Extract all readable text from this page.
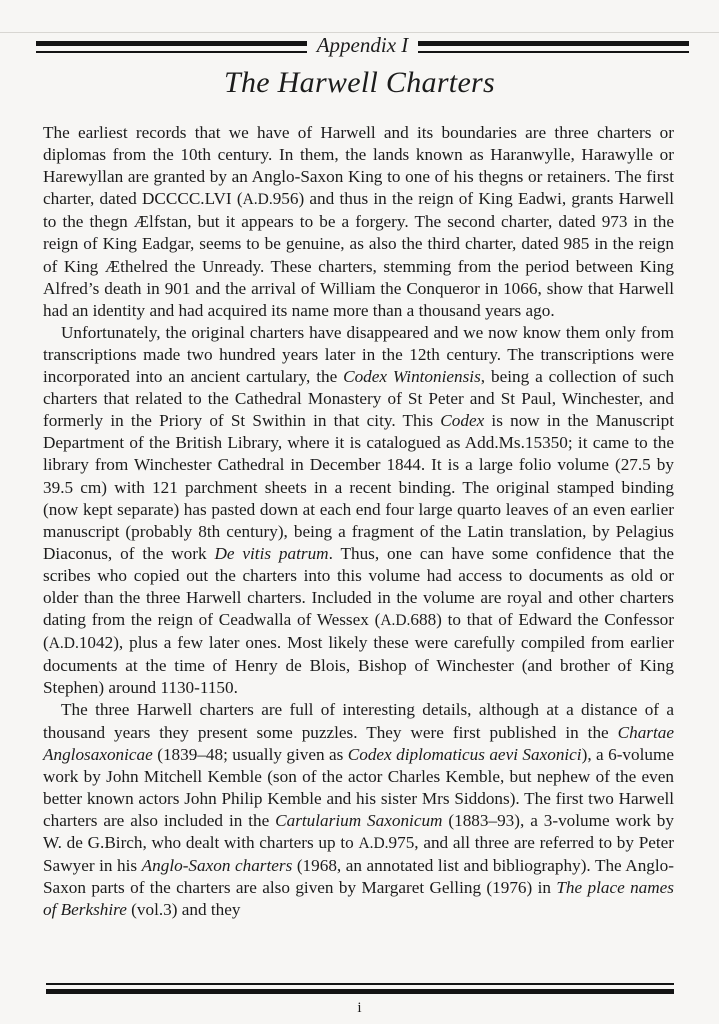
Appendix I
The Harwell Charters

The earliest records that we have of Harwell and its boundaries are three charters or diplomas from the 10th century. In them, the lands known as Haranwylle, Harawylle or Harewyllan are granted by an Anglo-Saxon King to one of his thegns or retainers. The first charter, dated DCCCC.LVI (A.D.956) and thus in the reign of King Eadwi, grants Harwell to the thegn Ælfstan, but it appears to be a forgery. The second charter, dated 973 in the reign of King Eadgar, seems to be genuine, as also the third charter, dated 985 in the reign of King Æthelred the Unready. These charters, stemming from the period between King Alfred’s death in 901 and the arrival of William the Conqueror in 1066, show that Harwell had an identity and had acquired its name more than a thousand years ago.

Unfortunately, the original charters have disappeared and we now know them only from transcriptions made two hundred years later in the 12th century. The transcriptions were incorporated into an ancient cartulary, the Codex Wintoniensis, being a collection of such charters that related to the Cathedral Monastery of St Peter and St Paul, Winchester, and formerly in the Priory of St Swithin in that city. This Codex is now in the Manuscript Department of the British Library, where it is catalogued as Add.Ms.15350; it came to the library from Winchester Cathedral in December 1844. It is a large folio volume (27.5 by 39.5 cm) with 121 parchment sheets in a recent binding. The original stamped binding (now kept separate) has pasted down at each end four large quarto leaves of an even earlier manuscript (probably 8th century), being a fragment of the Latin translation, by Pelagius Diaconus, of the work De vitis patrum. Thus, one can have some confidence that the scribes who copied out the charters into this volume had access to documents as old or older than the three Harwell charters. Included in the volume are royal and other charters dating from the reign of Ceadwalla of Wessex (A.D.688) to that of Edward the Confessor (A.D.1042), plus a few later ones. Most likely these were carefully compiled from earlier documents at the time of Henry de Blois, Bishop of Winchester (and brother of King Stephen) around 1130-1150.

The three Harwell charters are full of interesting details, although at a distance of a thousand years they present some puzzles. They were first published in the Chartae Anglosaxonicae (1839–48; usually given as Codex diplomaticus aevi Saxonici), a 6-volume work by John Mitchell Kemble (son of the actor Charles Kemble, but nephew of the even better known actors John Philip Kemble and his sister Mrs Siddons). The first two Harwell charters are also included in the Cartularium Saxonicum (1883–93), a 3-volume work by W. de G.Birch, who dealt with charters up to A.D.975, and all three are referred to by Peter Sawyer in his Anglo-Saxon charters (1968, an annotated list and bibliography). The Anglo-Saxon parts of the charters are also given by Margaret Gelling (1976) in The place names of Berkshire (vol.3) and they

i
